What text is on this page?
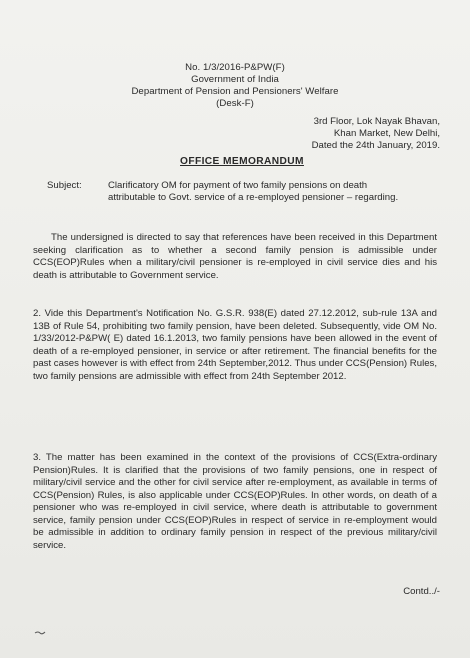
No. 1/3/2016-P&PW(F)

Government of India

Department of Pension and Pensioners' Welfare

(Desk-F)

3rd Floor, Lok Nayak Bhavan,
Khan Market, New Delhi,
Dated the 24th January, 2019.
OFFICE MEMORANDUM
Subject:	Clarificatory OM for payment of two family pensions on death attributable to Govt. service of a re-employed pensioner – regarding.

The undersigned is directed to say that references have been received in this Department seeking clarification as to whether a second family pension is admissible under CCS(EOP)Rules when a military/civil pensioner is re-employed in civil service dies and his death is attributable to Government service.

2. Vide this Department's Notification No. G.S.R. 938(E) dated 27.12.2012, sub-rule 13A and 13B of Rule 54, prohibiting two family pension, have been deleted. Subsequently, vide OM No. 1/33/2012-P&PW( E) dated 16.1.2013, two family pensions have been allowed in the event of death of a re-employed pensioner, in service or after retirement. The financial benefits for the past cases however is with effect from 24th September,2012. Thus under CCS(Pension) Rules, two family pensions are admissible with effect from 24th September 2012.

3. The matter has been examined in the context of the provisions of CCS(Extra-ordinary Pension)Rules. It is clarified that the provisions of two family pensions, one in respect of military/civil service and the other for civil service after re-employment, as available in terms of CCS(Pension) Rules, is also applicable under CCS(EOP)Rules. In other words, on death of a pensioner who was re-employed in civil service, where death is attributable to government service, family pension under CCS(EOP)Rules in respect of service in re-employment would be admissible in addition to ordinary family pension in respect of the previous military/civil service.

Contd../-
